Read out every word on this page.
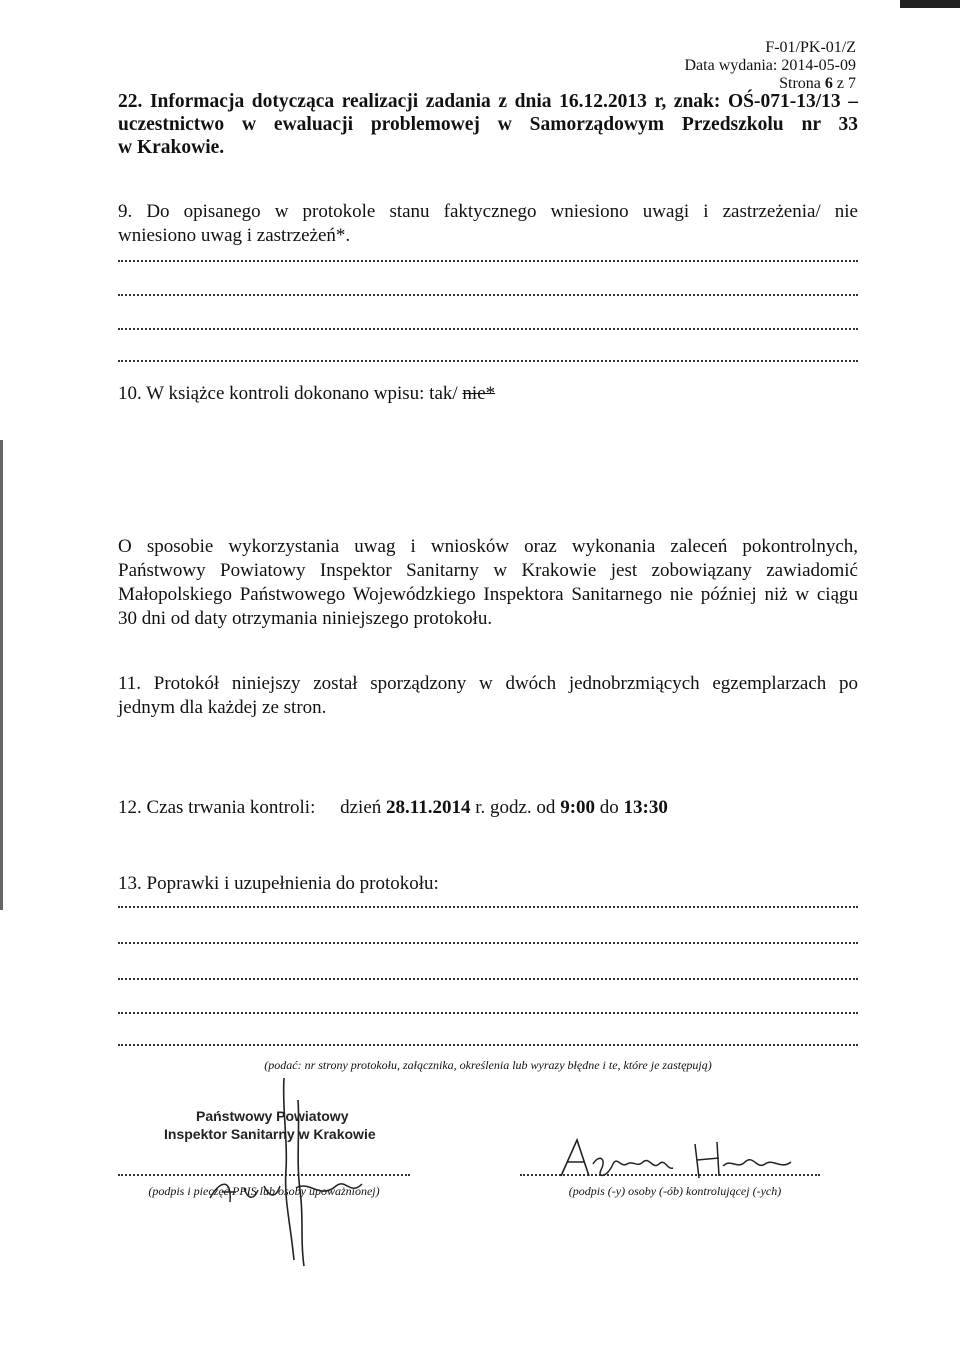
F-01/PK-01/Z
Data wydania: 2014-05-09
Strona 6 z 7

22. Informacja dotycząca realizacji zadania z dnia 16.12.2013 r, znak: OŚ-071-13/13 –

uczestnictwo w ewaluacji problemowej w Samorządowym Przedszkolu nr 33

w Krakowie.

9. Do opisanego w protokole stanu faktycznego wniesiono uwagi i zastrzeżenia/ nie
wniesiono uwag i zastrzeżeń*.
10. W książce kontroli dokonano wpisu: tak/ nie*
O sposobie wykorzystania uwag i wniosków oraz wykonania zaleceń pokontrolnych,
Państwowy Powiatowy Inspektor Sanitarny w Krakowie jest zobowiązany zawiadomić
Małopolskiego Państwowego Wojewódzkiego Inspektora Sanitarnego nie później niż w ciągu
30 dni od daty otrzymania niniejszego protokołu.
11. Protokół niniejszy został sporządzony w dwóch jednobrzmiących egzemplarzach po
jednym dla każdej ze stron.
12. Czas trwania kontroli: dzień 28.11.2014 r. godz. od 9:00 do 13:30
13. Poprawki i uzupełnienia do protokołu:
(podać: nr strony protokołu, załącznika, określenia lub wyrazy błędne i te, które je zastępują)
Państwowy Powiatowy
Inspektor Sanitarny w Krakowie
(podpis i pieczęć PPIS lub osoby upoważnionej)	(podpis (-y) osoby (-ób) kontrolującej (-ych)
